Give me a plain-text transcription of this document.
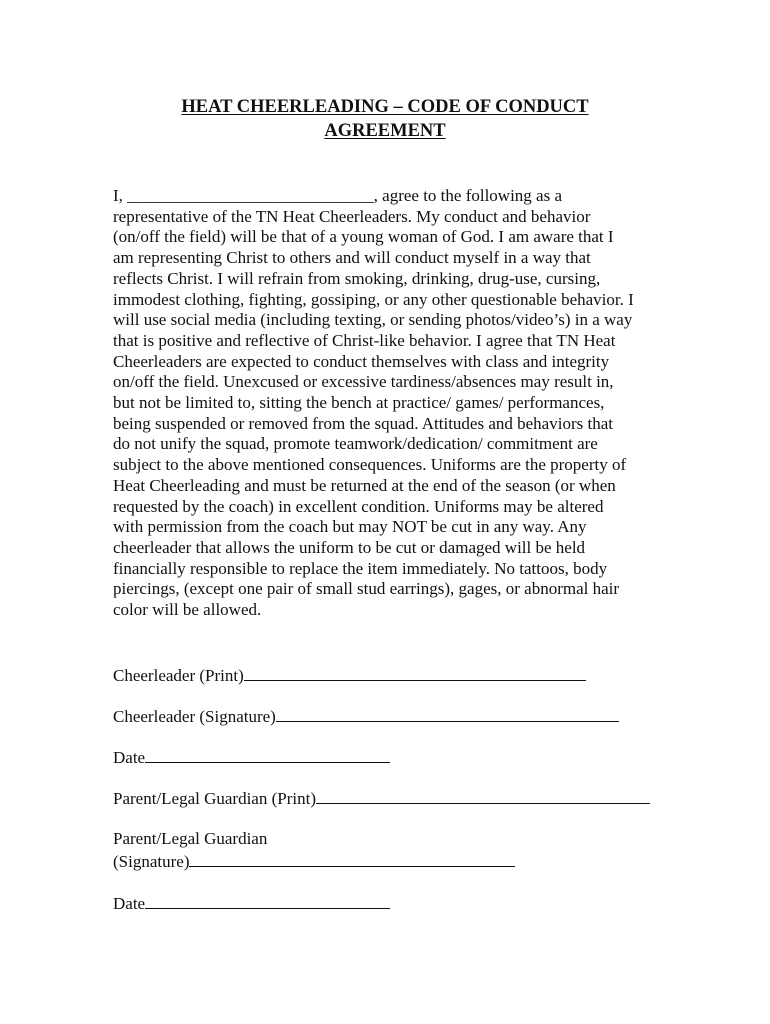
HEAT CHEERLEADING – CODE OF CONDUCT
AGREEMENT

I, _____________________________, agree to the following as a
representative of the TN Heat Cheerleaders. My conduct and behavior
(on/off the field) will be that of a young woman of God. I am aware that I
am representing Christ to others and will conduct myself in a way that
reflects Christ. I will refrain from smoking, drinking, drug-use, cursing,
immodest clothing, fighting, gossiping, or any other questionable behavior. I
will use social media (including texting, or sending photos/video’s) in a way
that is positive and reflective of Christ-like behavior. I agree that TN Heat
Cheerleaders are expected to conduct themselves with class and integrity
on/off the field. Unexcused or excessive tardiness/absences may result in,
but not be limited to, sitting the bench at practice/ games/ performances,
being suspended or removed from the squad. Attitudes and behaviors that
do not unify the squad, promote teamwork/dedication/ commitment are
subject to the above mentioned consequences. Uniforms are the property of
Heat Cheerleading and must be returned at the end of the season (or when
requested by the coach) in excellent condition. Uniforms may be altered
with permission from the coach but may NOT be cut in any way. Any
cheerleader that allows the uniform to be cut or damaged will be held
financially responsible to replace the item immediately. No tattoos, body
piercings, (except one pair of small stud earrings), gages, or abnormal hair
color will be allowed.

Cheerleader (Print)
Cheerleader (Signature)
Date
Parent/Legal Guardian (Print)
Parent/Legal Guardian
(Signature)
Date
